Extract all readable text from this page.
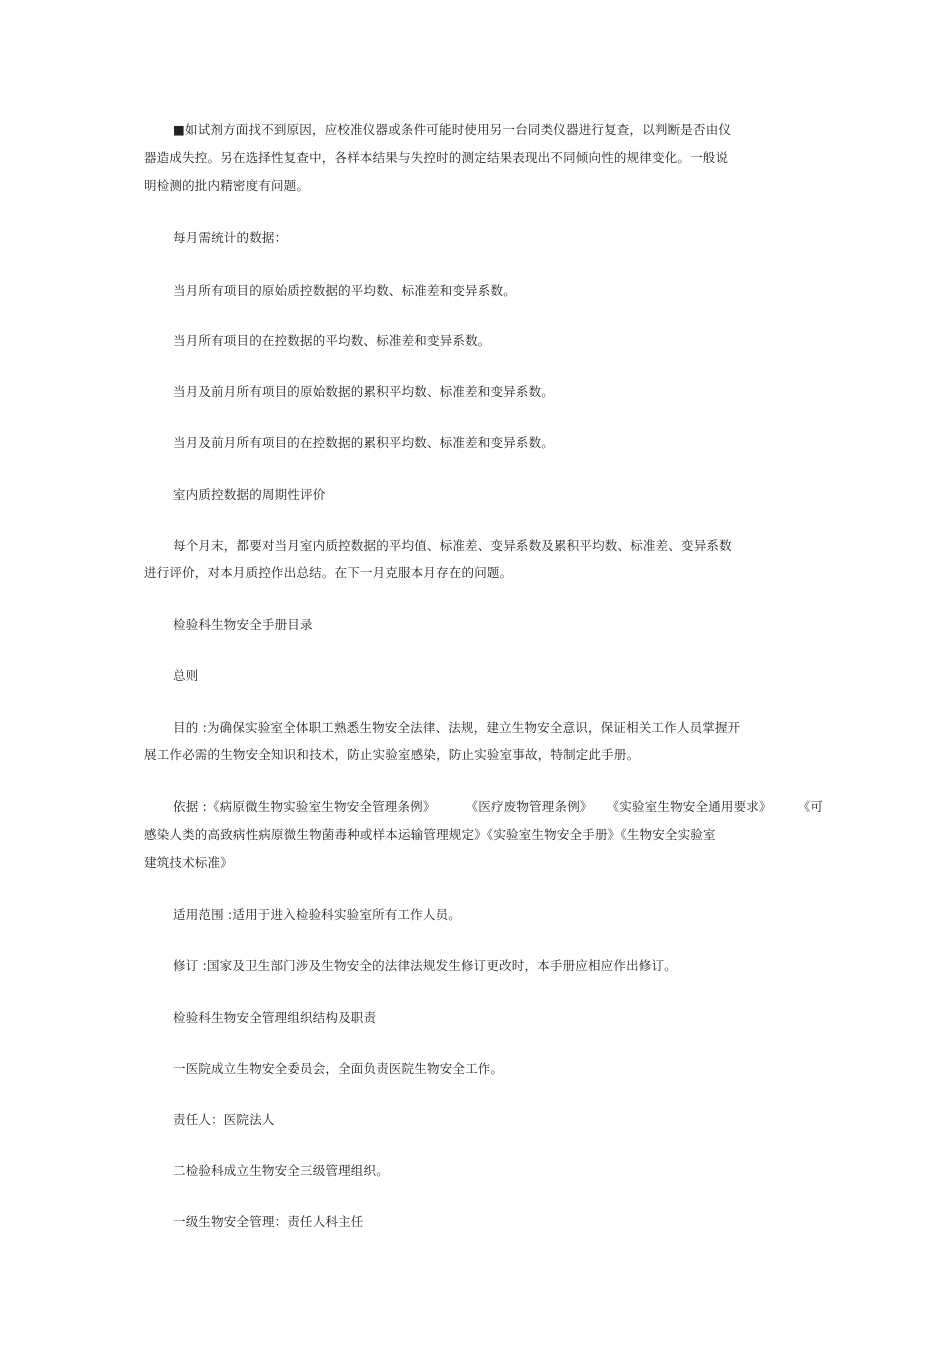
■如试剂方面找不到原因，应校准仪器或条件可能时使用另一台同类仪器进行复查，以判断是否由仪
器造成失控。另在选择性复查中，各样本结果与失控时的测定结果表现出不同倾向性的规律变化。一般说
明检测的批内精密度有问题。
每月需统计的数据：
当月所有项目的原始质控数据的平均数、标准差和变异系数。
当月所有项目的在控数据的平均数、标准差和变异系数。
当月及前月所有项目的原始数据的累积平均数、标准差和变异系数。
当月及前月所有项目的在控数据的累积平均数、标准差和变异系数。
室内质控数据的周期性评价
每个月末，都要对当月室内质控数据的平均值、标准差、变异系数及累积平均数、标准差、变异系数
进行评价，对本月质控作出总结。在下一月克服本月存在的问题。
检验科生物安全手册目录
总则
目的 :为确保实验室全体职工熟悉生物安全法律、法规，建立生物安全意识，保证相关工作人员掌握开
展工作必需的生物安全知识和技术，防止实验室感染，防止实验室事故，特制定此手册。
依据 :《病原微生物实验室生物安全管理条例》 《医疗废物管理条例》 《实验室生物安全通用要求》 《可
感染人类的高致病性病原微生物菌毒种或样本运输管理规定》《实验室生物安全手册》《生物安全实验室
建筑技术标准》
适用范围 :适用于进入检验科实验室所有工作人员。
修订 :国家及卫生部门涉及生物安全的法律法规发生修订更改时，本手册应相应作出修订。
检验科生物安全管理组织结构及职责
一医院成立生物安全委员会，全面负责医院生物安全工作。
责任人：医院法人
二检验科成立生物安全三级管理组织。
一级生物安全管理：责任人科主任
